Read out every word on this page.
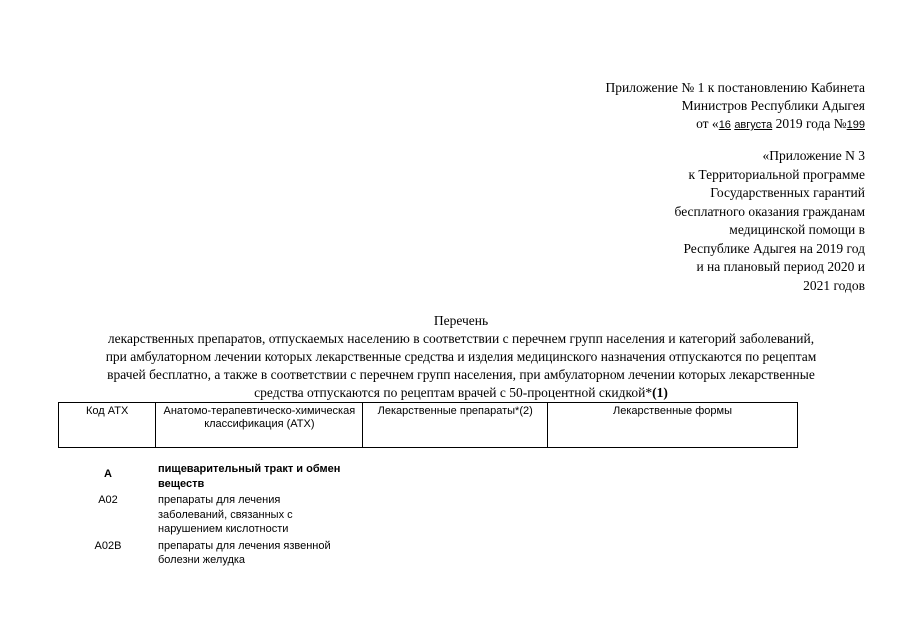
Приложение № 1 к постановлению Кабинета
Министров Республики Адыгея
от «16 августа 2019 года №199
«Приложение N 3
к Территориальной программе
Государственных гарантий
бесплатного оказания гражданам
медицинской помощи в
Республике Адыгея на 2019 год
и на плановый период 2020 и
2021 годов
Перечень
лекарственных препаратов, отпускаемых населению в соответствии с перечнем групп населения и категорий заболеваний,
при амбулаторном лечении которых лекарственные средства и изделия медицинского назначения отпускаются по рецептам
врачей бесплатно, а также в соответствии с перечнем групп населения, при амбулаторном лечении которых лекарственные
средства отпускаются по рецептам врачей с 50-процентной скидкой*(1)
Код АТХ	Анатомо-терапевтическо-химическая классификация (АТХ)	Лекарственные препараты*(2)	Лекарственные формы
А	пищеварительный тракт и обмен веществ
А02	препараты для лечения заболеваний, связанных с нарушением кислотности
А02В	препараты для лечения язвенной болезни желудка
